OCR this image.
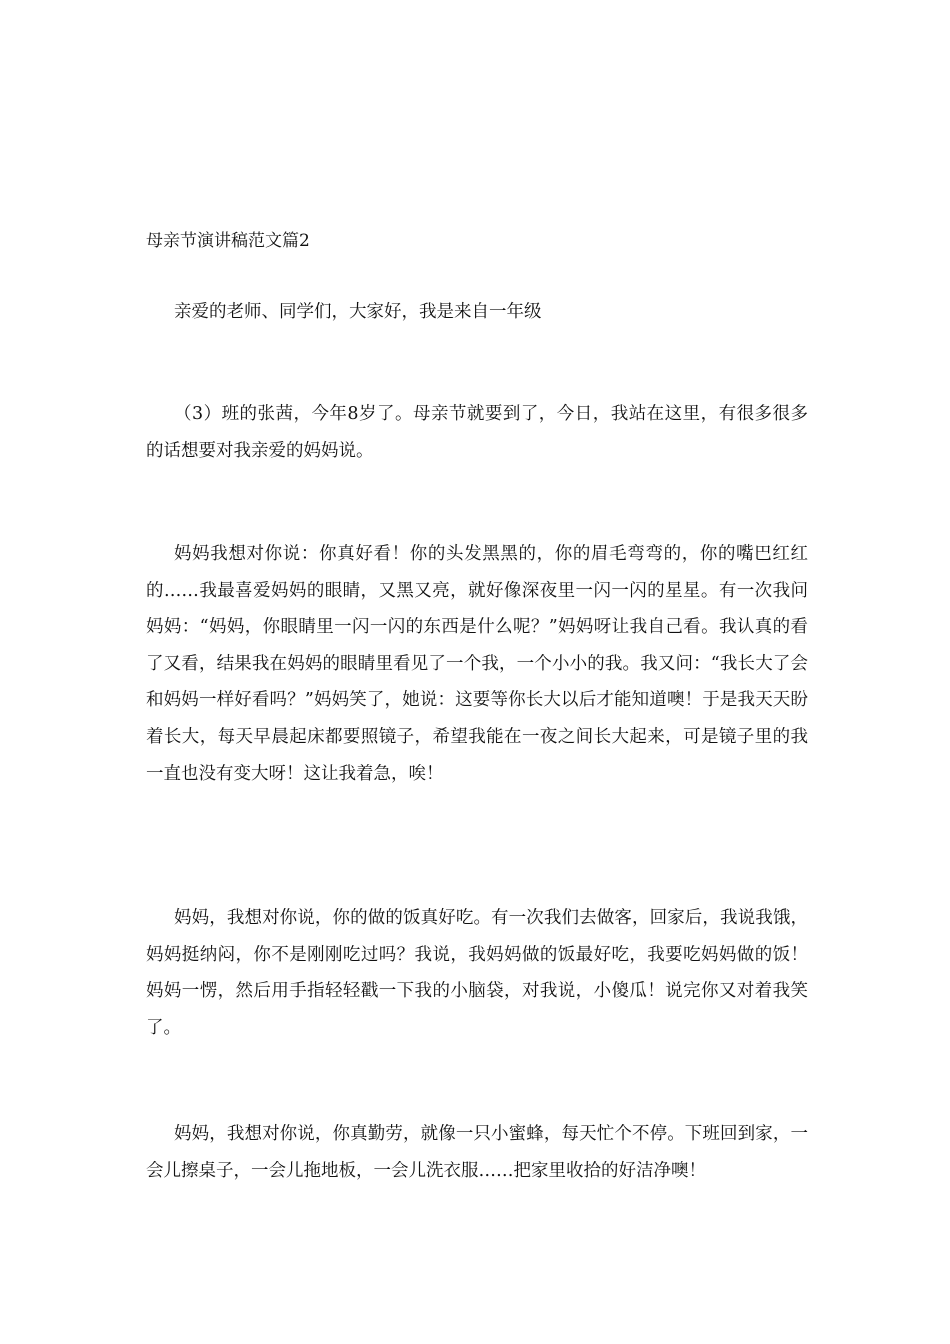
母亲节演讲稿范文篇2

亲爱的老师、同学们，大家好，我是来自一年级

（3）班的张茜，今年8岁了。母亲节就要到了，今日，我站在这里，有很多很多的话想要对我亲爱的妈妈说。

妈妈我想对你说：你真好看！你的头发黑黑的，你的眉毛弯弯的，你的嘴巴红红的……我最喜爱妈妈的眼睛，又黑又亮，就好像深夜里一闪一闪的星星。有一次我问妈妈：“妈妈，你眼睛里一闪一闪的东西是什么呢？”妈妈呀让我自己看。我认真的看了又看，结果我在妈妈的眼睛里看见了一个我，一个小小的我。我又问：“我长大了会和妈妈一样好看吗？”妈妈笑了，她说：这要等你长大以后才能知道噢！于是我天天盼着长大，每天早晨起床都要照镜子，希望我能在一夜之间长大起来，可是镜子里的我一直也没有变大呀！这让我着急，唉！

妈妈，我想对你说，你的做的饭真好吃。有一次我们去做客，回家后，我说我饿，妈妈挺纳闷，你不是刚刚吃过吗？我说，我妈妈做的饭最好吃，我要吃妈妈做的饭！妈妈一愣，然后用手指轻轻戳一下我的小脑袋，对我说，小傻瓜！说完你又对着我笑了。

妈妈，我想对你说，你真勤劳，就像一只小蜜蜂，每天忙个不停。下班回到家，一会儿擦桌子，一会儿拖地板，一会儿洗衣服……把家里收拾的好洁净噢！
